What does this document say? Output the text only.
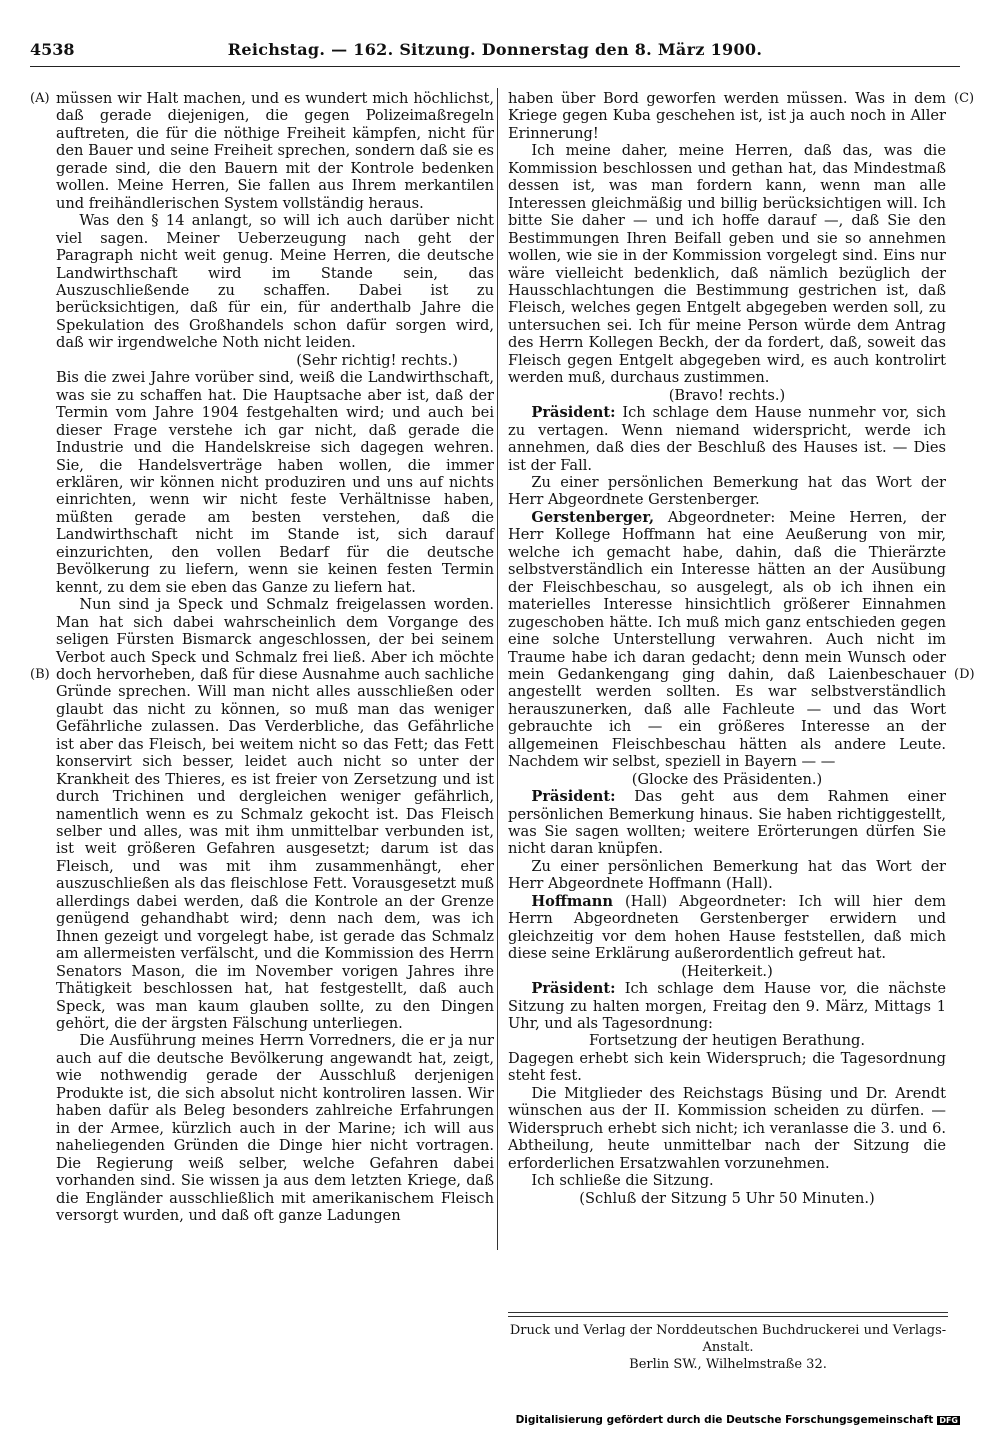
4538	Reichstag. — 162. Sitzung. Donnerstag den 8. März 1900.
(A)
(B)
(C)
(D)

müssen wir Halt machen, und es wundert mich höchlichst, daß gerade diejenigen, die gegen Polizeimaßregeln auftreten, die für die nöthige Freiheit kämpfen, nicht für den Bauer und seine Freiheit sprechen, sondern daß sie es gerade sind, die den Bauern mit der Kontrole bedenken wollen. Meine Herren, Sie fallen aus Ihrem merkantilen und freihändlerischen System vollständig heraus.

Was den § 14 anlangt, so will ich auch darüber nicht viel sagen. Meiner Ueberzeugung nach geht der Paragraph nicht weit genug. Meine Herren, die deutsche Landwirthschaft wird im Stande sein, das Auszuschließende zu schaffen. Dabei ist zu berücksichtigen, daß für ein, für anderthalb Jahre die Spekulation des Großhandels schon dafür sorgen wird, daß wir irgendwelche Noth nicht leiden.

(Sehr richtig! rechts.)

Bis die zwei Jahre vorüber sind, weiß die Landwirthschaft, was sie zu schaffen hat. Die Hauptsache aber ist, daß der Termin vom Jahre 1904 festgehalten wird; und auch bei dieser Frage verstehe ich gar nicht, daß gerade die Industrie und die Handelskreise sich dagegen wehren. Sie, die Handelsverträge haben wollen, die immer erklären, wir können nicht produziren und uns auf nichts einrichten, wenn wir nicht feste Verhältnisse haben, müßten gerade am besten verstehen, daß die Landwirthschaft nicht im Stande ist, sich darauf einzurichten, den vollen Bedarf für die deutsche Bevölkerung zu liefern, wenn sie keinen festen Termin kennt, zu dem sie eben das Ganze zu liefern hat.

Nun sind ja Speck und Schmalz freigelassen worden. Man hat sich dabei wahrscheinlich dem Vorgange des seligen Fürsten Bismarck angeschlossen, der bei seinem Verbot auch Speck und Schmalz frei ließ. Aber ich möchte doch hervorheben, daß für diese Ausnahme auch sachliche Gründe sprechen. Will man nicht alles ausschließen oder glaubt das nicht zu können, so muß man das weniger Gefährliche zulassen. Das Verderbliche, das Gefährliche ist aber das Fleisch, bei weitem nicht so das Fett; das Fett konservirt sich besser, leidet auch nicht so unter der Krankheit des Thieres, es ist freier von Zersetzung und ist durch Trichinen und dergleichen weniger gefährlich, namentlich wenn es zu Schmalz gekocht ist. Das Fleisch selber und alles, was mit ihm unmittelbar verbunden ist, ist weit größeren Gefahren ausgesetzt; darum ist das Fleisch, und was mit ihm zusammenhängt, eher auszuschließen als das fleischlose Fett. Vorausgesetzt muß allerdings dabei werden, daß die Kontrole an der Grenze genügend gehandhabt wird; denn nach dem, was ich Ihnen gezeigt und vorgelegt habe, ist gerade das Schmalz am allermeisten verfälscht, und die Kommission des Herrn Senators Mason, die im November vorigen Jahres ihre Thätigkeit beschlossen hat, hat festgestellt, daß auch Speck, was man kaum glauben sollte, zu den Dingen gehört, die der ärgsten Fälschung unterliegen.

Die Ausführung meines Herrn Vorredners, die er ja nur auch auf die deutsche Bevölkerung angewandt hat, zeigt, wie nothwendig gerade der Ausschluß derjenigen Produkte ist, die sich absolut nicht kontroliren lassen. Wir haben dafür als Beleg besonders zahlreiche Erfahrungen in der Armee, kürzlich auch in der Marine; ich will aus naheliegenden Gründen die Dinge hier nicht vortragen. Die Regierung weiß selber, welche Gefahren dabei vorhanden sind. Sie wissen ja aus dem letzten Kriege, daß die Engländer ausschließlich mit amerikanischem Fleisch versorgt wurden, und daß oft ganze Ladungen

haben über Bord geworfen werden müssen. Was in dem Kriege gegen Kuba geschehen ist, ist ja auch noch in Aller Erinnerung!

Ich meine daher, meine Herren, daß das, was die Kommission beschlossen und gethan hat, das Mindestmaß dessen ist, was man fordern kann, wenn man alle Interessen gleichmäßig und billig berücksichtigen will. Ich bitte Sie daher — und ich hoffe darauf —, daß Sie den Bestimmungen Ihren Beifall geben und sie so annehmen wollen, wie sie in der Kommission vorgelegt sind. Eins nur wäre vielleicht bedenklich, daß nämlich bezüglich der Hausschlachtungen die Bestimmung gestrichen ist, daß Fleisch, welches gegen Entgelt abgegeben werden soll, zu untersuchen sei. Ich für meine Person würde dem Antrag des Herrn Kollegen Beckh, der da fordert, daß, soweit das Fleisch gegen Entgelt abgegeben wird, es auch kontrolirt werden muß, durchaus zustimmen.

(Bravo! rechts.)

Präsident: Ich schlage dem Hause nunmehr vor, sich zu vertagen. Wenn niemand widerspricht, werde ich annehmen, daß dies der Beschluß des Hauses ist. — Dies ist der Fall.

Zu einer persönlichen Bemerkung hat das Wort der Herr Abgeordnete Gerstenberger.

Gerstenberger, Abgeordneter: Meine Herren, der Herr Kollege Hoffmann hat eine Aeußerung von mir, welche ich gemacht habe, dahin, daß die Thierärzte selbstverständlich ein Interesse hätten an der Ausübung der Fleischbeschau, so ausgelegt, als ob ich ihnen ein materielles Interesse hinsichtlich größerer Einnahmen zugeschoben hätte. Ich muß mich ganz entschieden gegen eine solche Unterstellung verwahren. Auch nicht im Traume habe ich daran gedacht; denn mein Wunsch oder mein Gedankengang ging dahin, daß Laienbeschauer angestellt werden sollten. Es war selbstverständlich herauszunerken, daß alle Fachleute — und das Wort gebrauchte ich — ein größeres Interesse an der allgemeinen Fleischbeschau hätten als andere Leute. Nachdem wir selbst, speziell in Bayern — —

(Glocke des Präsidenten.)

Präsident: Das geht aus dem Rahmen einer persönlichen Bemerkung hinaus. Sie haben richtiggestellt, was Sie sagen wollten; weitere Erörterungen dürfen Sie nicht daran knüpfen.

Zu einer persönlichen Bemerkung hat das Wort der Herr Abgeordnete Hoffmann (Hall).

Hoffmann (Hall) Abgeordneter: Ich will hier dem Herrn Abgeordneten Gerstenberger erwidern und gleichzeitig vor dem hohen Hause feststellen, daß mich diese seine Erklärung außerordentlich gefreut hat.

(Heiterkeit.)

Präsident: Ich schlage dem Hause vor, die nächste Sitzung zu halten morgen, Freitag den 9. März, Mittags 1 Uhr, und als Tagesordnung:

Fortsetzung der heutigen Berathung.

Dagegen erhebt sich kein Widerspruch; die Tagesordnung steht fest.

Die Mitglieder des Reichstags Büsing und Dr. Arendt wünschen aus der II. Kommission scheiden zu dürfen. — Widerspruch erhebt sich nicht; ich veranlasse die 3. und 6. Abtheilung, heute unmittelbar nach der Sitzung die erforderlichen Ersatzwahlen vorzunehmen.

Ich schließe die Sitzung.

(Schluß der Sitzung 5 Uhr 50 Minuten.)

Druck und Verlag der Norddeutschen Buchdruckerei und Verlags-Anstalt.
Berlin SW., Wilhelmstraße 32.
Digitalisierung gefördert durch die Deutsche Forschungsgemeinschaft DFG
